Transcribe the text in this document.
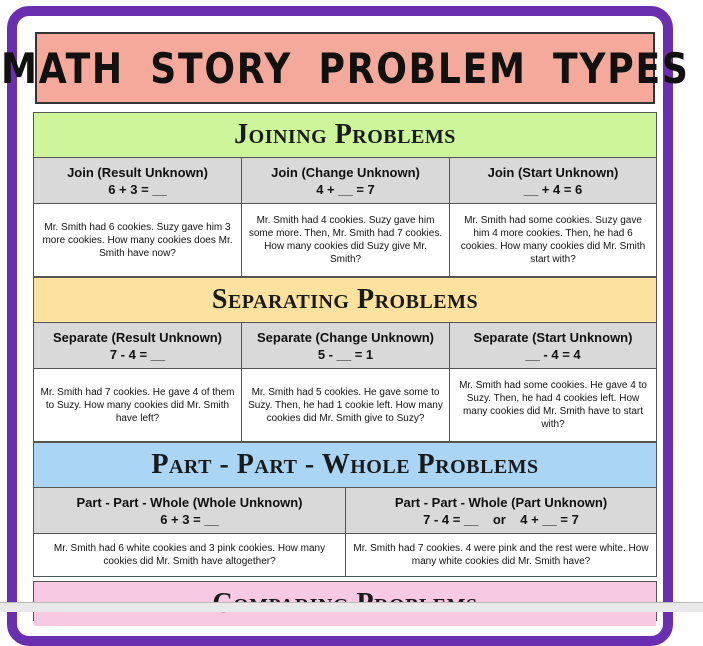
MATH STORY PROBLEM TYPES
Joining Problems
Join (Result Unknown)
6 + 3 = __
Join (Change Unknown)
4 + __ = 7
Join (Start Unknown)
__ + 4 = 6
Mr. Smith had 6 cookies. Suzy gave him 3 more cookies. How many cookies does Mr. Smith have now?
Mr. Smith had 4 cookies. Suzy gave him some more. Then, Mr. Smith had 7 cookies. How many cookies did Suzy give Mr. Smith?
Mr. Smith had some cookies. Suzy gave him 4 more cookies. Then, he had 6 cookies. How many cookies did Mr. Smith start with?
Separating Problems
Separate (Result Unknown)
7 - 4 = __
Separate (Change Unknown)
5 - __ = 1
Separate (Start Unknown)
__ - 4 = 4
Mr. Smith had 7 cookies. He gave 4 of them to Suzy. How many cookies did Mr. Smith have left?
Mr. Smith had 5 cookies. He gave some to Suzy. Then, he had 1 cookie left. How many cookies did Mr. Smith give to Suzy?
Mr. Smith had some cookies. He gave 4 to Suzy. Then, he had 4 cookies left. How many cookies did Mr. Smith have to start with?
Part - Part - Whole Problems
Part - Part - Whole (Whole Unknown)
6 + 3 = __
Part - Part - Whole (Part Unknown)
7 - 4 = __    or    4 + __ = 7
Mr. Smith had 6 white cookies and 3 pink cookies. How many cookies did Mr. Smith have altogether?
Mr. Smith had 7 cookies. 4 were pink and the rest were white. How many white cookies did Mr. Smith have?
